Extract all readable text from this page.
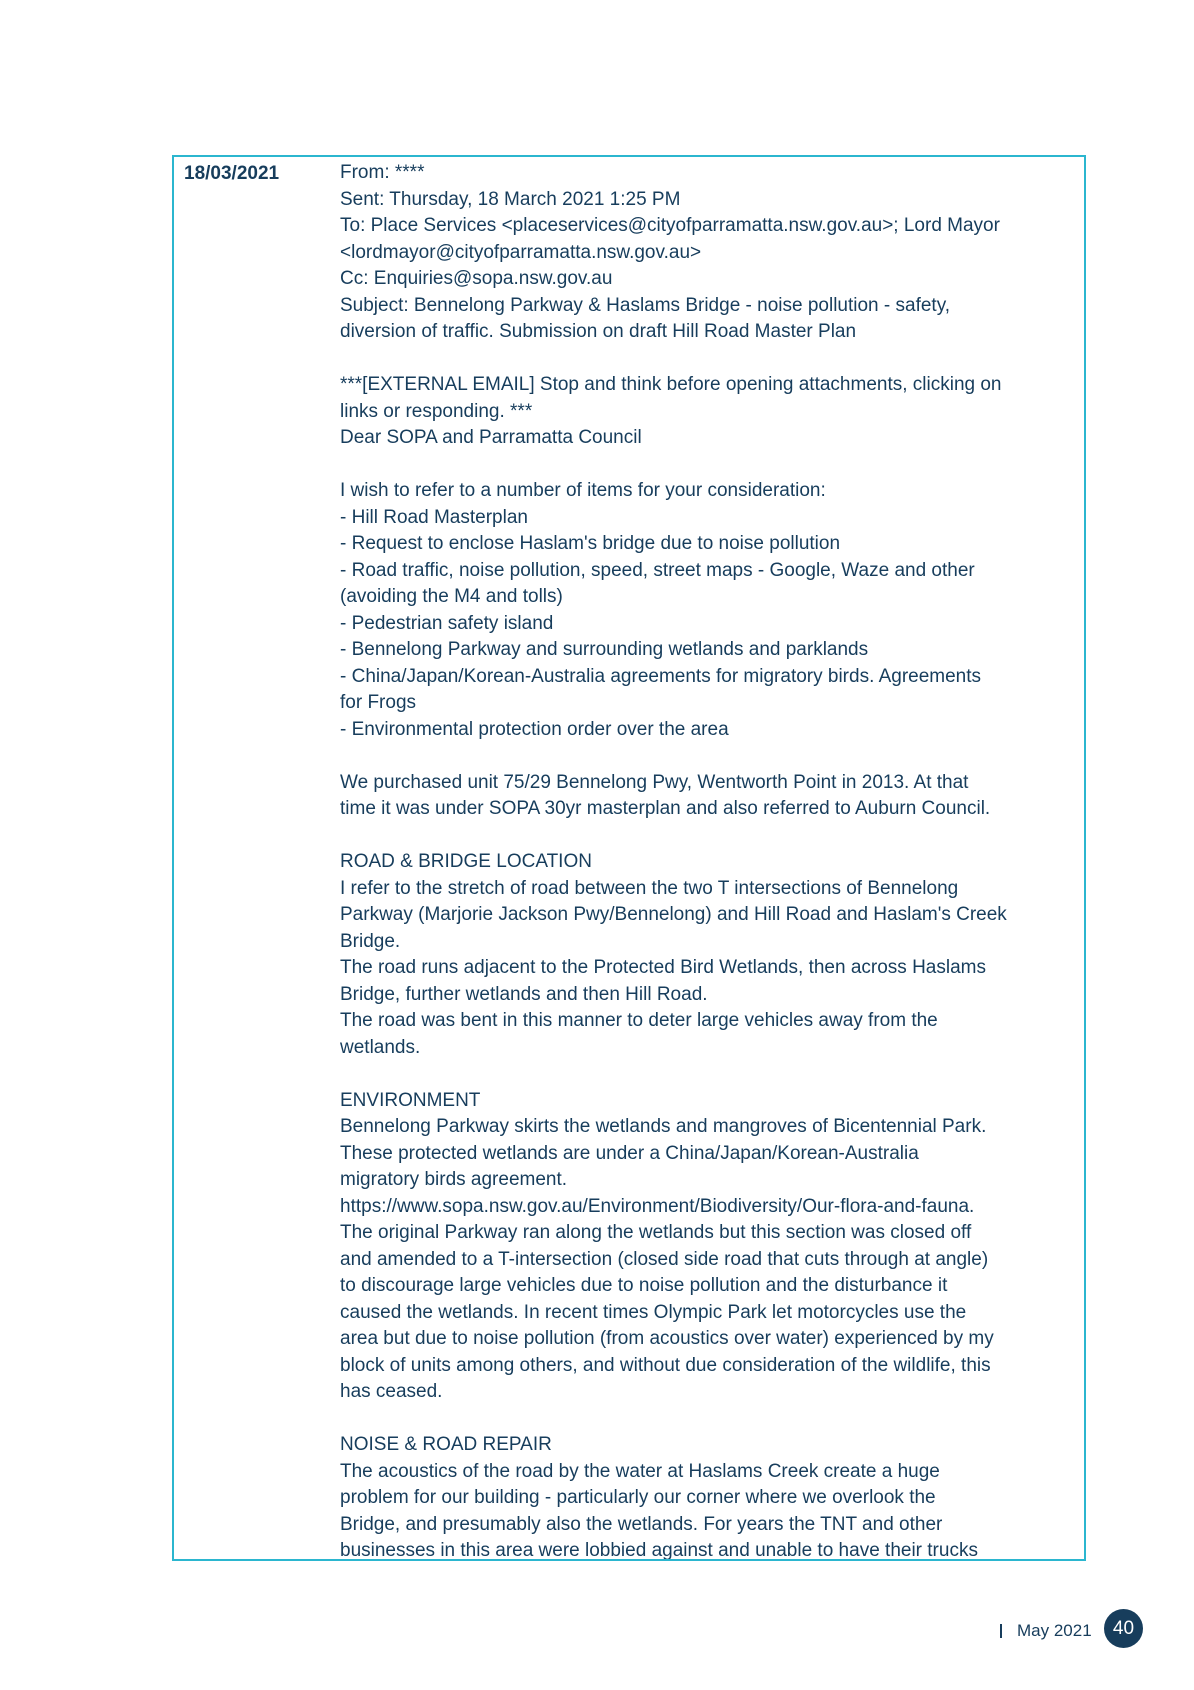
18/03/2021	From: ****
Sent: Thursday, 18 March 2021 1:25 PM
To: Place Services <placeservices@cityofparramatta.nsw.gov.au>; Lord Mayor
<lordmayor@cityofparramatta.nsw.gov.au>
Cc: Enquiries@sopa.nsw.gov.au
Subject: Bennelong Parkway & Haslams Bridge - noise pollution - safety,
diversion of traffic. Submission on draft Hill Road Master Plan
***[EXTERNAL EMAIL] Stop and think before opening attachments, clicking on
links or responding. ***
Dear SOPA and Parramatta Council
I wish to refer to a number of items for your consideration:
- Hill Road Masterplan
- Request to enclose Haslam's bridge due to noise pollution
- Road traffic, noise pollution, speed, street maps - Google, Waze and other
(avoiding the M4 and tolls)
- Pedestrian safety island
- Bennelong Parkway and surrounding wetlands and parklands
- China/Japan/Korean-Australia agreements for migratory birds. Agreements
for Frogs
- Environmental protection order over the area
We purchased unit 75/29 Bennelong Pwy, Wentworth Point in 2013. At that
time it was under SOPA 30yr masterplan and also referred to Auburn Council.
ROAD & BRIDGE LOCATION
I refer to the stretch of road between the two T intersections of Bennelong
Parkway (Marjorie Jackson Pwy/Bennelong) and Hill Road and Haslam's Creek
Bridge.
The road runs adjacent to the Protected Bird Wetlands, then across Haslams
Bridge, further wetlands and then Hill Road.
The road was bent in this manner to deter large vehicles away from the
wetlands.
ENVIRONMENT
Bennelong Parkway skirts the wetlands and mangroves of Bicentennial Park.
These protected wetlands are under a China/Japan/Korean-Australia
migratory birds agreement.
https://www.sopa.nsw.gov.au/Environment/Biodiversity/Our-flora-and-fauna.
The original Parkway ran along the wetlands but this section was closed off
and amended to a T-intersection (closed side road that cuts through at angle)
to discourage large vehicles due to noise pollution and the disturbance it
caused the wetlands. In recent times Olympic Park let motorcycles use the
area but due to noise pollution (from acoustics over water) experienced by my
block of units among others, and without due consideration of the wildlife, this
has ceased.
NOISE & ROAD REPAIR
The acoustics of the road by the water at Haslams Creek create a huge
problem for our building - particularly our corner where we overlook the
Bridge, and presumably also the wetlands. For years the TNT and other
businesses in this area were lobbied against and unable to have their trucks
May 2021	40
